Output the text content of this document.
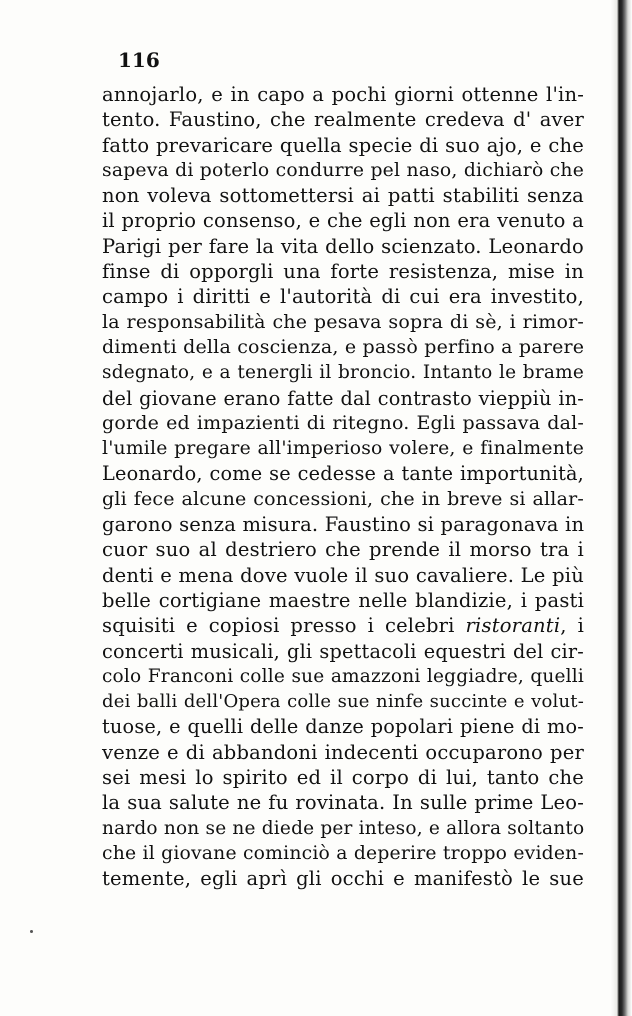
116
annojarlo, e in capo a pochi giorni ottenne l'in-
tento. Faustino, che realmente credeva d' aver
fatto prevaricare quella specie di suo ajo, e che
sapeva di poterlo condurre pel naso, dichiarò che
non voleva sottomettersi ai patti stabiliti senza
il proprio consenso, e che egli non era venuto a
Parigi per fare la vita dello scienzato. Leonardo
finse di opporgli una forte resistenza, mise in
campo i diritti e l'autorità di cui era investito,
la responsabilità che pesava sopra di sè, i rimor-
dimenti della coscienza, e passò perfino a parere
sdegnato, e a tenergli il broncio. Intanto le brame
del giovane erano fatte dal contrasto vieppiù in-
gorde ed impazienti di ritegno. Egli passava dal-
l'umile pregare all'imperioso volere, e finalmente
Leonardo, come se cedesse a tante importunità,
gli fece alcune concessioni, che in breve si allar-
garono senza misura. Faustino si paragonava in
cuor suo al destriero che prende il morso tra i
denti e mena dove vuole il suo cavaliere. Le più
belle cortigiane maestre nelle blandizie, i pasti
squisiti e copiosi presso i celebri ristoranti, i
concerti musicali, gli spettacoli equestri del cir-
colo Franconi colle sue amazzoni leggiadre, quelli
dei balli dell'Opera colle sue ninfe succinte e volut-
tuose, e quelli delle danze popolari piene di mo-
venze e di abbandoni indecenti occuparono per
sei mesi lo spirito ed il corpo di lui, tanto che
la sua salute ne fu rovinata. In sulle prime Leo-
nardo non se ne diede per inteso, e allora soltanto
che il giovane cominciò a deperire troppo eviden-
temente, egli aprì gli occhi e manifestò le sue
